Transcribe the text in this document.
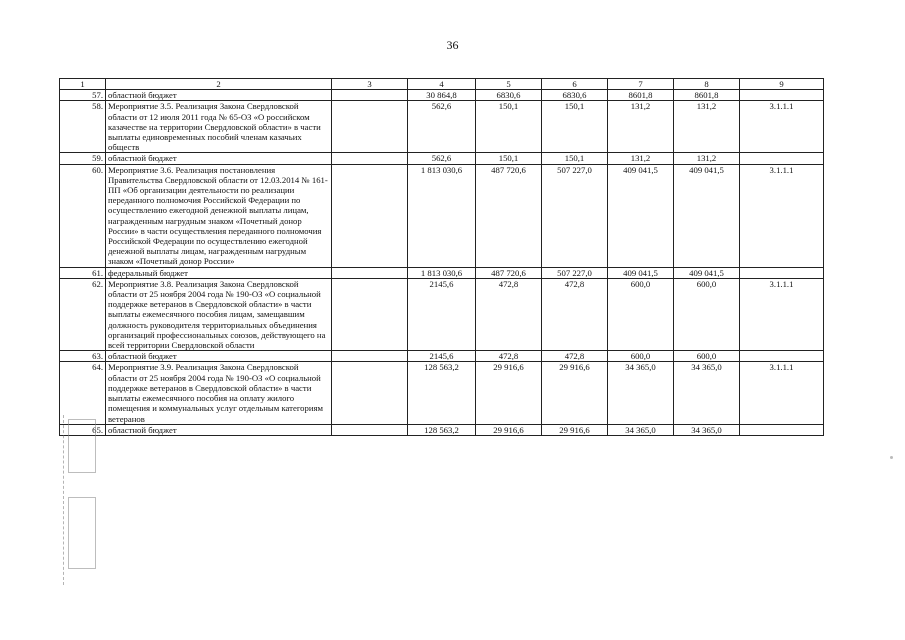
36
1	2	3	4	5	6	7	8	9
57.	областной бюджет		30 864,8	6830,6	6830,6	8601,8	8601,8	
58.	Мероприятие 3.5. Реализация Закона Свердловской области от 12 июля 2011 года № 65-ОЗ «О российском казачестве на территории Свердловской области» в части выплаты единовременных пособий членам казачьих обществ		562,6	150,1	150,1	131,2	131,2	3.1.1.1
59.	областной бюджет		562,6	150,1	150,1	131,2	131,2	
60.	Мероприятие 3.6. Реализация постановления Правительства Свердловской области от 12.03.2014 № 161-ПП «Об организации деятельности по реализации переданного полномочия Российской Федерации по осуществлению ежегодной денежной выплаты лицам, награжденным нагрудным знаком «Почетный донор России» в части осуществления переданного полномочия Российской Федерации по осуществлению ежегодной денежной выплаты лицам, награжденным нагрудным знаком «Почетный донор России»		1 813 030,6	487 720,6	507 227,0	409 041,5	409 041,5	3.1.1.1
61.	федеральный бюджет		1 813 030,6	487 720,6	507 227,0	409 041,5	409 041,5	
62.	Мероприятие 3.8. Реализация Закона Свердловской области от 25 ноября 2004 года № 190-ОЗ «О социальной поддержке ветеранов в Свердловской области» в части выплаты ежемесячного пособия лицам, замещавшим должность руководителя территориальных объединения организаций профессиональных союзов, действующего на всей территории Свердловской области		2145,6	472,8	472,8	600,0	600,0	3.1.1.1
63.	областной бюджет		2145,6	472,8	472,8	600,0	600,0	
64.	Мероприятие 3.9. Реализация Закона Свердловской области от 25 ноября 2004 года № 190-ОЗ «О социальной поддержке ветеранов в Свердловской области» в части выплаты ежемесячного пособия на оплату жилого помещения и коммунальных услуг отдельным категориям ветеранов		128 563,2	29 916,6	29 916,6	34 365,0	34 365,0	3.1.1.1
65.	областной бюджет		128 563,2	29 916,6	29 916,6	34 365,0	34 365,0	
